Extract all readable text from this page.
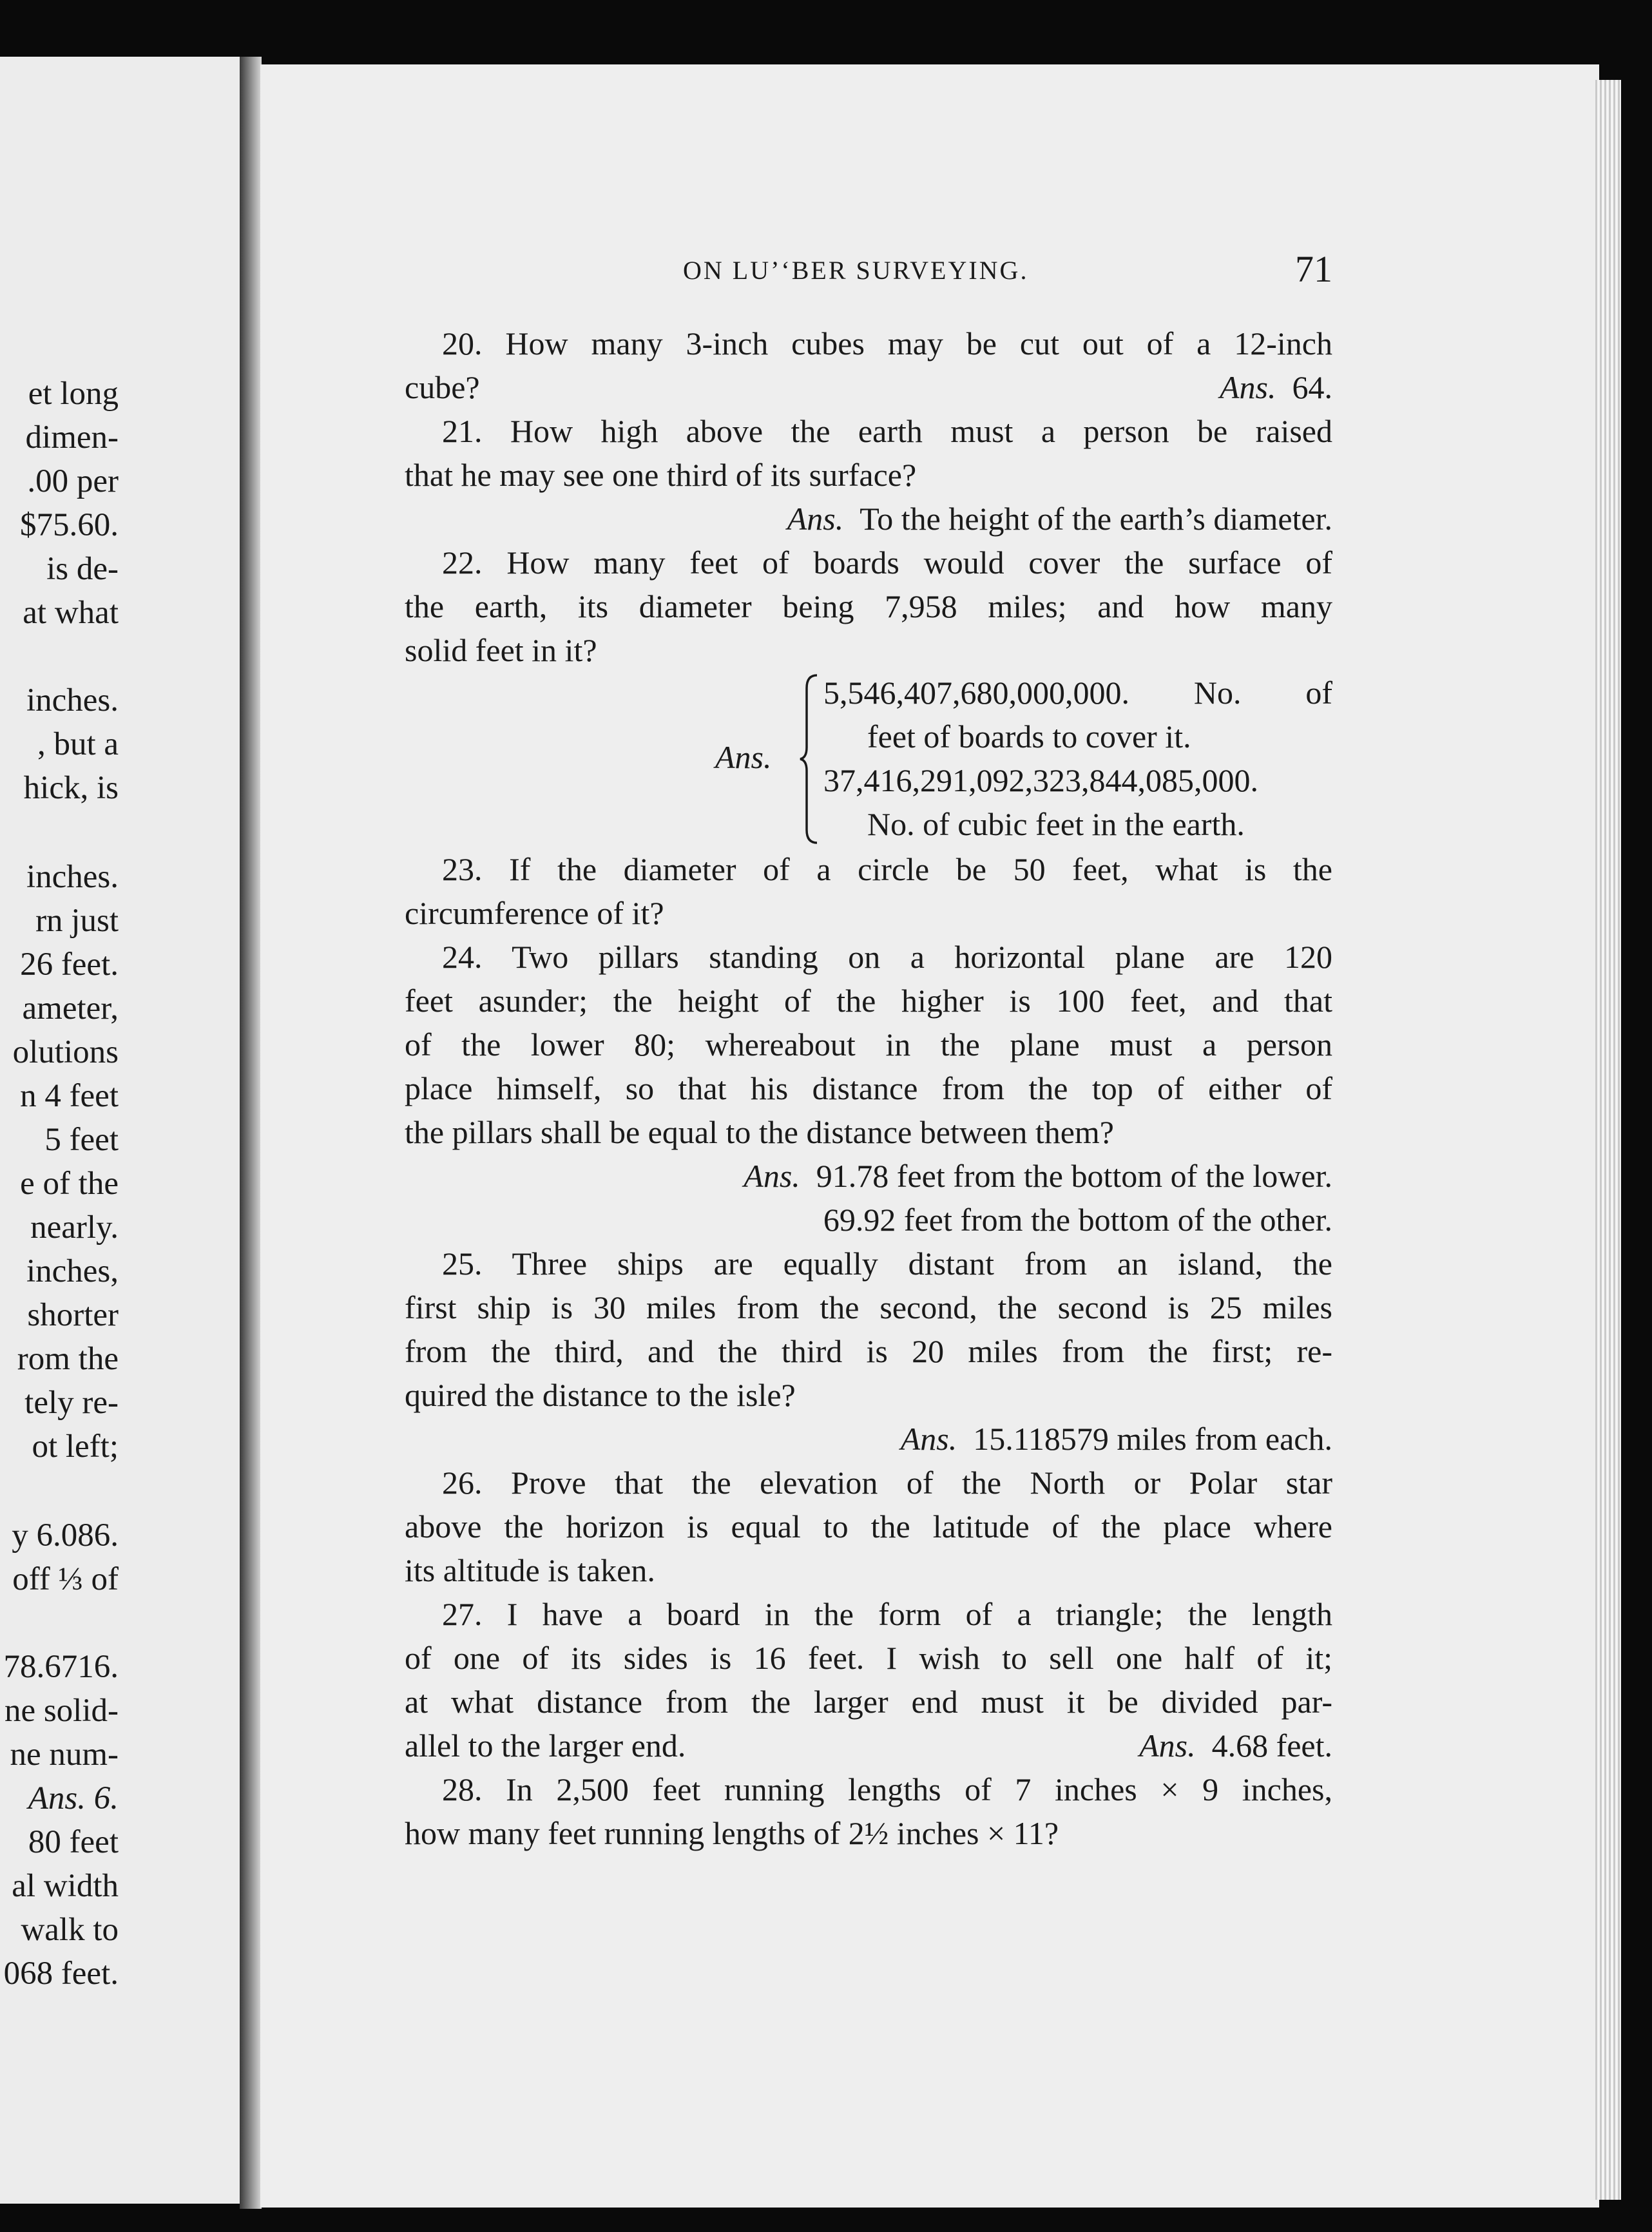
et long
dimen-
.00 per
$75.60.
is de-
at what
inches.
, but a
hick, is
inches.
rn just
26 feet.
ameter,
olutions
n 4 feet
5 feet
e of the
nearly.
inches,
shorter
rom the
tely re-
ot left;
y 6.086.
off ⅓ of
78.6716.
ne solid-
ne num-
Ans. 6.
80 feet
al width
walk to
068 feet.
ON LU’ʻBER SURVEYING.	71
20. How many 3-inch cubes may be cut out of a 12-inch
cube?	Ans. 64.
21. How high above the earth must a person be raised
that he may see one third of its surface?
Ans. To the height of the earth’s diameter.
22. How many feet of boards would cover the surface of
the earth, its diameter being 7,958 miles; and how many
solid feet in it?
Ans.
5,546,407,680,000,000. No. of
feet of boards to cover it.
37,416,291,092,323,844,085,000.
No. of cubic feet in the earth.
23. If the diameter of a circle be 50 feet, what is the
circumference of it?
24. Two pillars standing on a horizontal plane are 120
feet asunder; the height of the higher is 100 feet, and that
of the lower 80; whereabout in the plane must a person
place himself, so that his distance from the top of either of
the pillars shall be equal to the distance between them?
Ans. 91.78 feet from the bottom of the lower.
69.92 feet from the bottom of the other.
25. Three ships are equally distant from an island, the
first ship is 30 miles from the second, the second is 25 miles
from the third, and the third is 20 miles from the first; re-
quired the distance to the isle?
Ans. 15.118579 miles from each.
26. Prove that the elevation of the North or Polar star
above the horizon is equal to the latitude of the place where
its altitude is taken.
27. I have a board in the form of a triangle; the length
of one of its sides is 16 feet. I wish to sell one half of it;
at what distance from the larger end must it be divided par-
allel to the larger end.	Ans. 4.68 feet.
28. In 2,500 feet running lengths of 7 inches × 9 inches,
how many feet running lengths of 2½ inches × 11?
